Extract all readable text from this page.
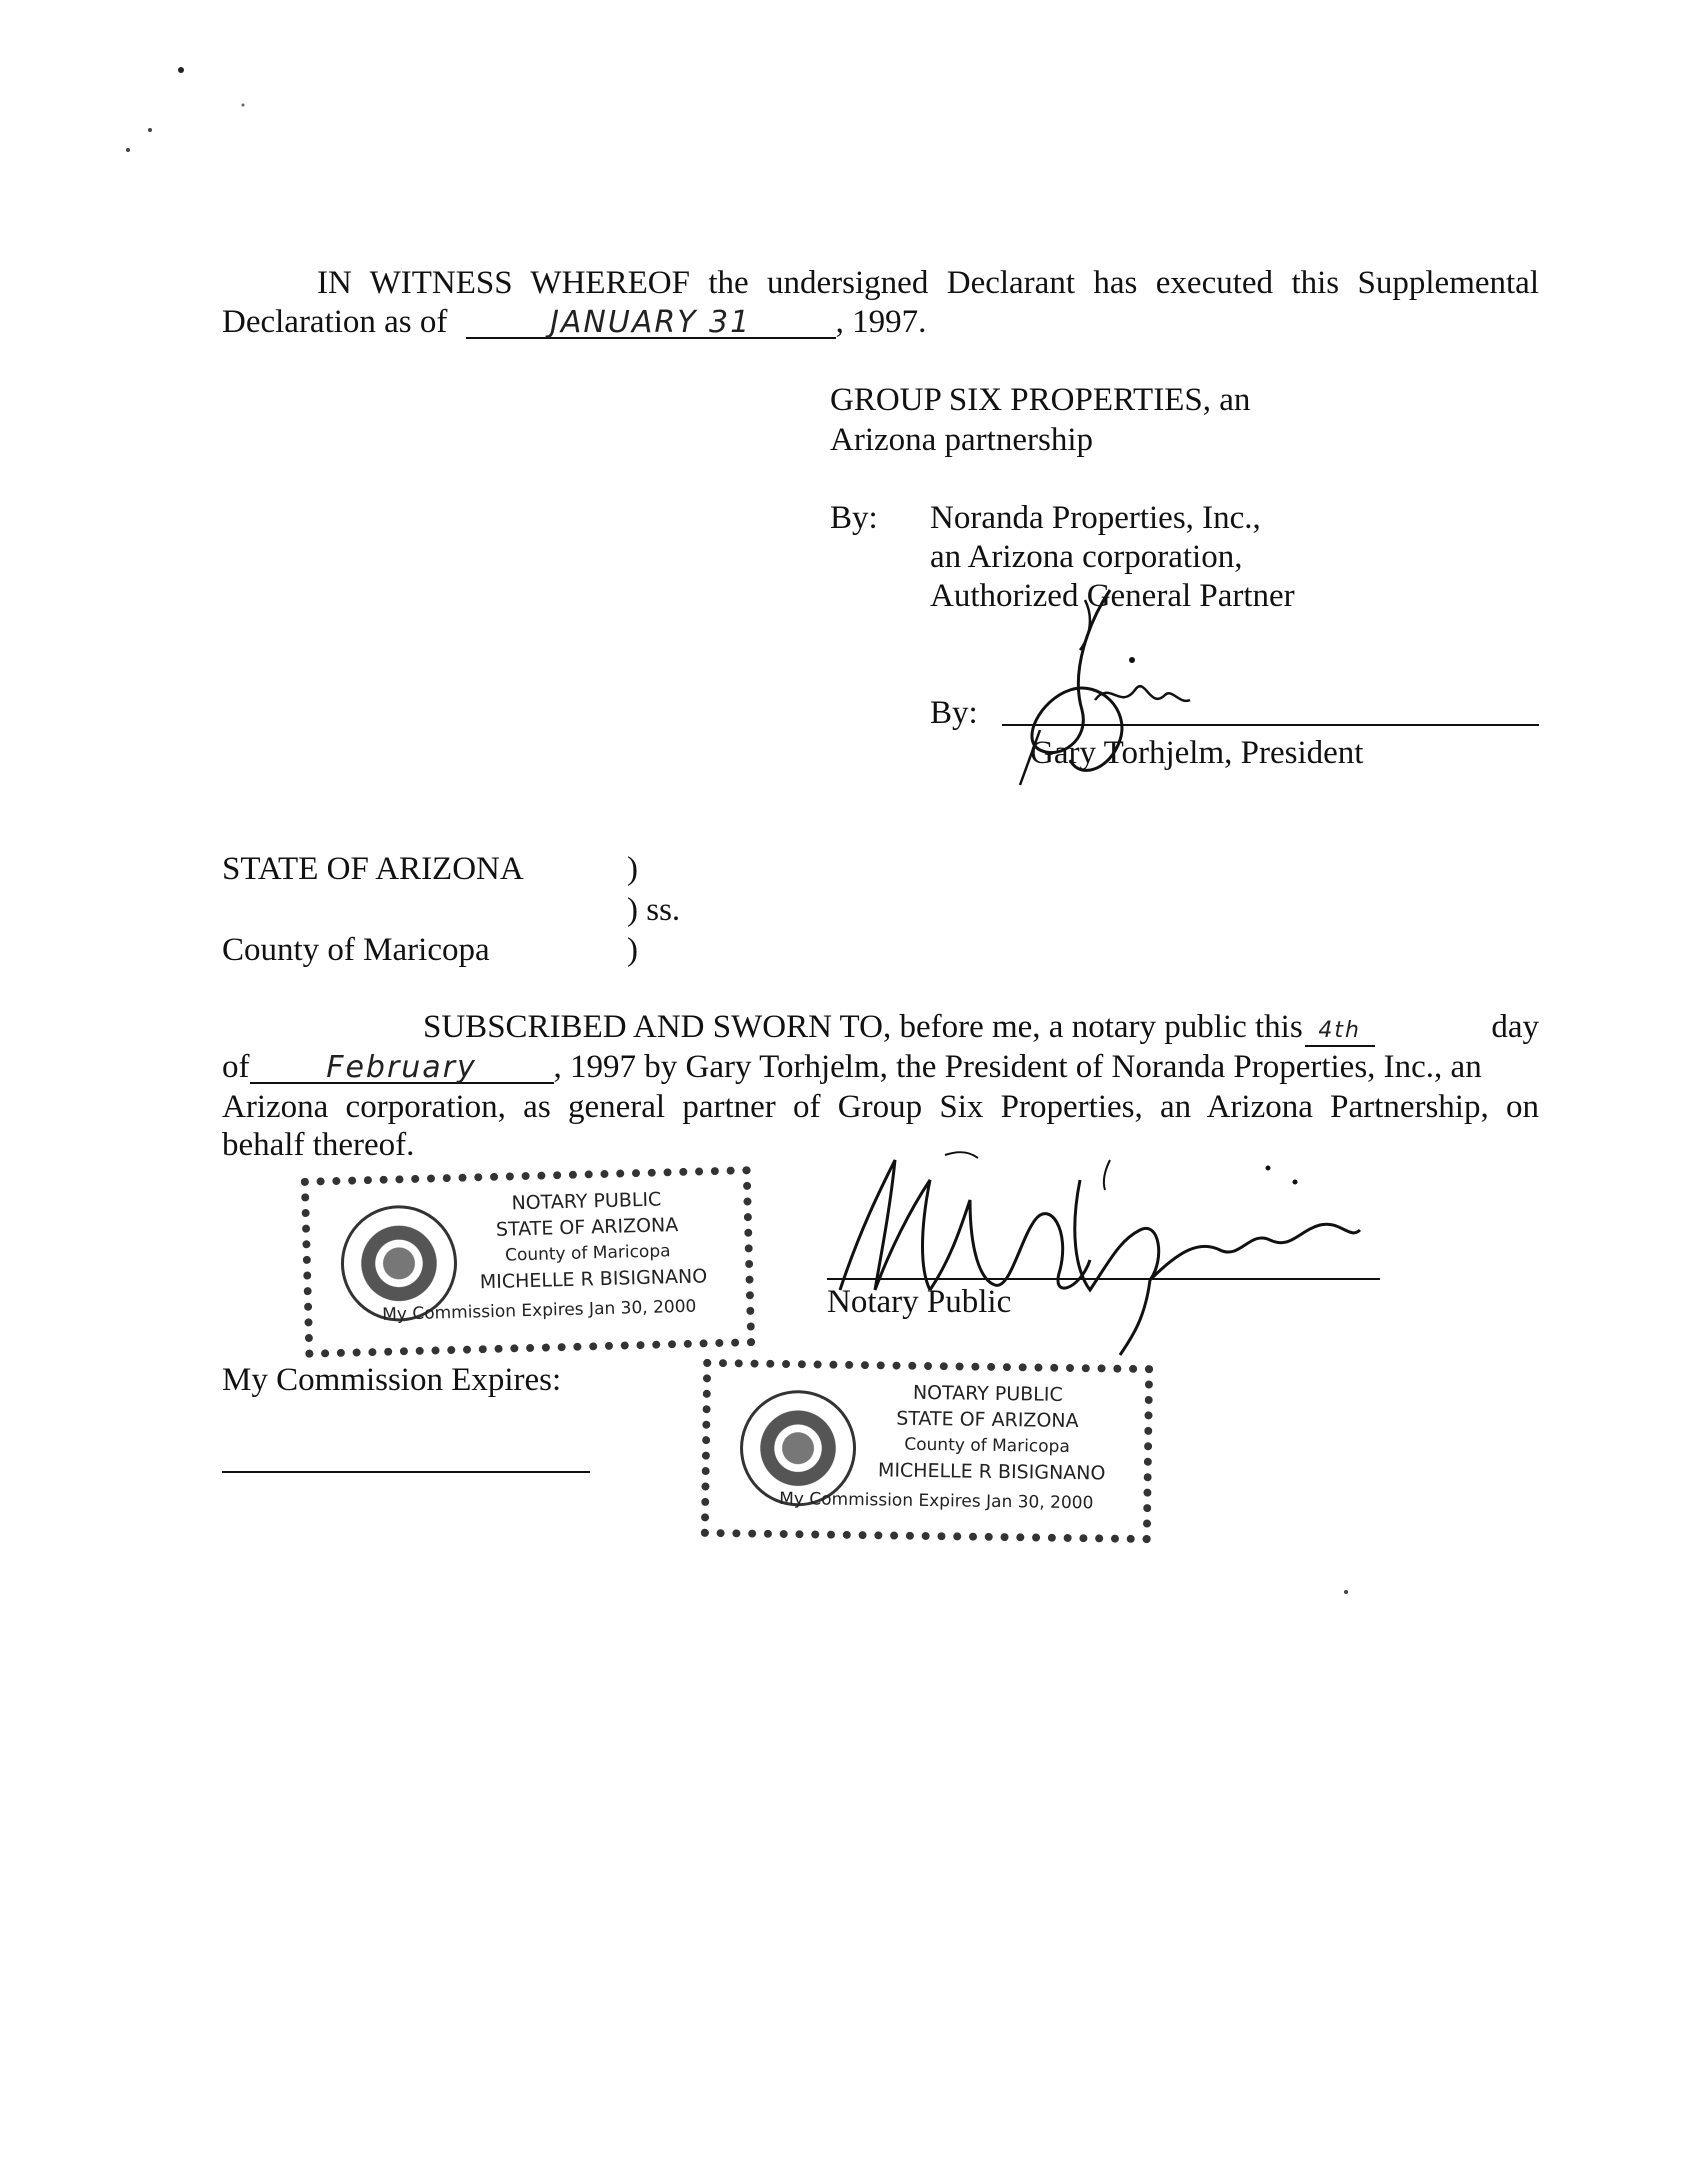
IN WITNESS WHEREOF the undersigned Declarant has executed this Supplemental
Declaration as of	JANUARY 31	, 1997.
GROUP SIX PROPERTIES, an
Arizona partnership
By: Noranda Properties, Inc.,
an Arizona corporation,
Authorized General Partner
By:
Gary Torhjelm, President
STATE OF ARIZONA	)
) ss.
County of Maricopa	)
SUBSCRIBED AND SWORN TO, before me, a notary public this 4th	day
of	February , 1997 by Gary Torhjelm, the President of Noranda Properties, Inc., an
Arizona corporation, as general partner of Group Six Properties, an Arizona Partnership, on
behalf thereof.
NOTARY PUBLIC
STATE OF ARIZONA
County of Maricopa
MICHELLE R BISIGNANO
My Commission Expires Jan 30, 2000	Notary Public
My Commission Expires:	NOTARY PUBLIC
STATE OF ARIZONA
County of Maricopa
MICHELLE R BISIGNANO
My Commission Expires Jan 30, 2000
